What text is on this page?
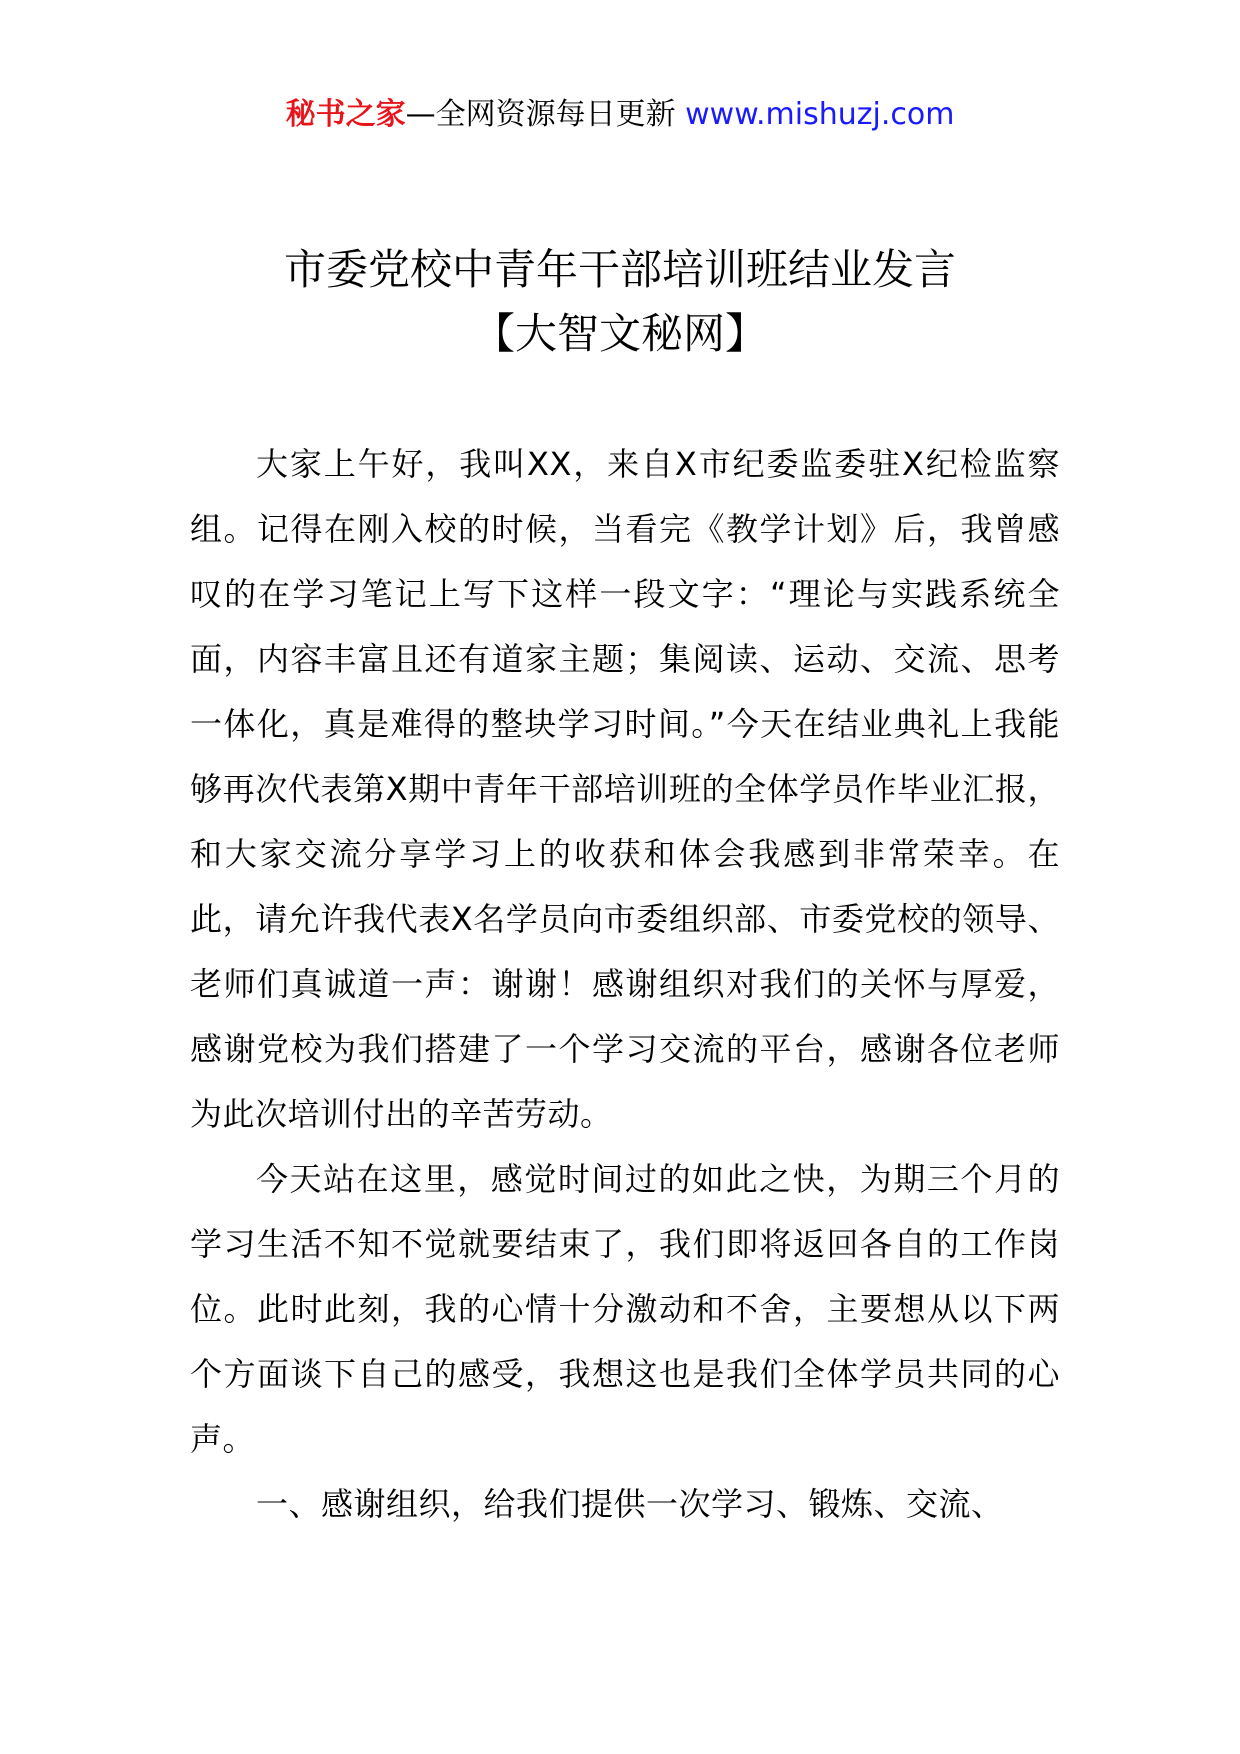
秘书之家—全网资源每日更新 www.mishuzj.com
市委党校中青年干部培训班结业发言
【大智文秘网】

大家上午好，我叫XX，来自X市纪委监委驻X纪检监察组。记得在刚入校的时候，当看完《教学计划》后，我曾感叹的在学习笔记上写下这样一段文字：“理论与实践系统全面，内容丰富且还有道家主题；集阅读、运动、交流、思考一体化，真是难得的整块学习时间。”今天在结业典礼上我能够再次代表第X期中青年干部培训班的全体学员作毕业汇报，和大家交流分享学习上的收获和体会我感到非常荣幸。在此，请允许我代表X名学员向市委组织部、市委党校的领导、老师们真诚道一声：谢谢！感谢组织对我们的关怀与厚爱，感谢党校为我们搭建了一个学习交流的平台，感谢各位老师为此次培训付出的辛苦劳动。

今天站在这里，感觉时间过的如此之快，为期三个月的学习生活不知不觉就要结束了，我们即将返回各自的工作岗位。此时此刻，我的心情十分激动和不舍，主要想从以下两个方面谈下自己的感受，我想这也是我们全体学员共同的心声。

一、感谢组织，给我们提供一次学习、锻炼、交流、
